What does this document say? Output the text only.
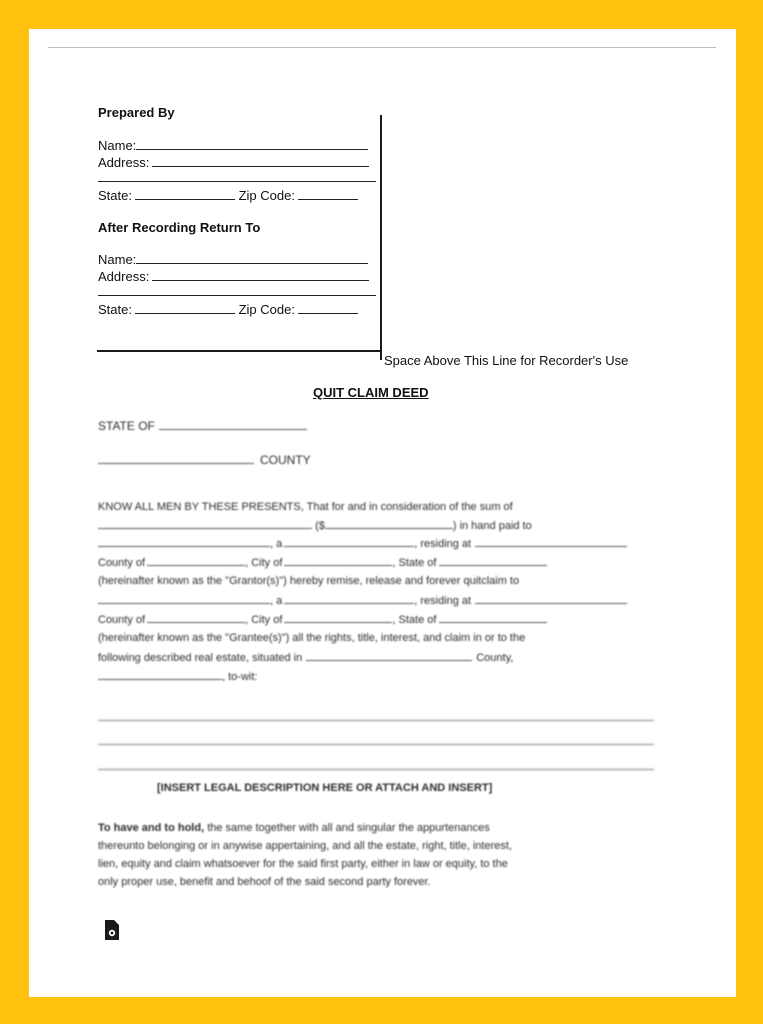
Prepared By
Name:
Address:
State:	Zip Code:
After Recording Return To
Name:
Address:
State:	Zip Code:
Space Above This Line for Recorder's Use
QUIT CLAIM DEED
STATE OF
COUNTY
KNOW ALL MEN BY THESE PRESENTS, That for and in consideration of the sum of
($	) in hand paid to
, a	, residing at
County of	, City of	, State of
(hereinafter known as the "Grantor(s)") hereby remise, release and forever quitclaim to
, a	, residing at
County of	, City of	, State of
(hereinafter known as the "Grantee(s)") all the rights, title, interest, and claim in or to the
following described real estate, situated in	County,
, to-wit:
[INSERT LEGAL DESCRIPTION HERE OR ATTACH AND INSERT]
To have and to hold, the same together with all and singular the appurtenances
thereunto belonging or in anywise appertaining, and all the estate, right, title, interest,
lien, equity and claim whatsoever for the said first party, either in law or equity, to the
only proper use, benefit and behoof of the said second party forever.
